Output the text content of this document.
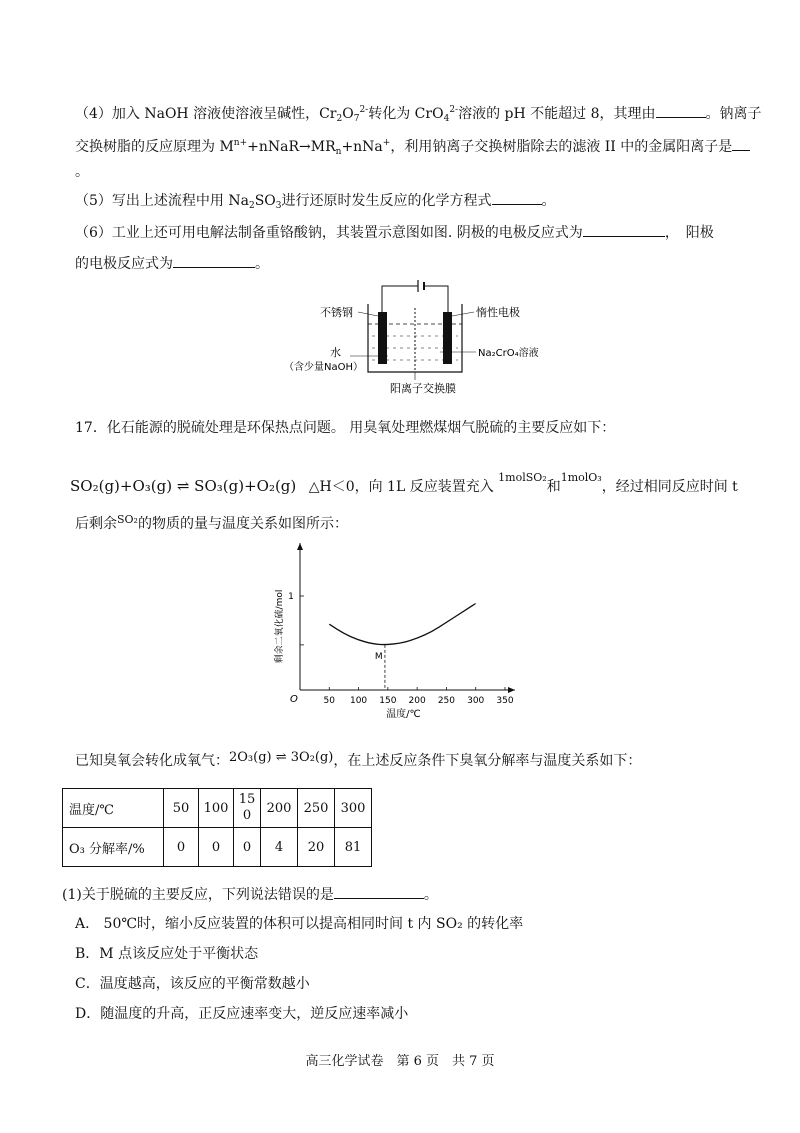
（4）加入 NaOH 溶液使溶液呈碱性，$Cr_2O_7^{2-}$转化为 CrO$_4^{2-}$溶液的 pH 不能超过 8，其理由	。钠离子
交换树脂的反应原理为 $M^{n+}+nNaR\to MR_n+nNa^+$，利用钠离子交换树脂除去的滤液 II 中的金属阳离子是
。
（5）写出上述流程中用 $Na_2SO_3$进行还原时发生反应的化学方程式	。
（6）工业上还可用电解法制备重铬酸钠，其装置示意图如图. 阴极的电极反应式为	，　阳极
的电极反应式为	。
不锈钢	惰性电极
水
（含少量NaOH）
Na₂CrO₄溶液
阳离子交换膜
17．化石能源的脱硫处理是环保热点问题。 用臭氧处理燃煤烟气脱硫的主要反应如下：
SO₂(g)+O₃(g) ⇌ SO₃(g)+O₂(g) △H＜0，向 1L 反应装置充入 $^{1molSO_2}$和$^{1molO_3}$，经过相同反应时间 t
后剩余$^{SO_2}$的物质的量与温度关系如图所示：
O	50 100 150 200 250 300 350
1
温度/℃
剩余二氧化硫/mol	M
已知臭氧会转化成氧气：2O₃(g) ⇌ 3O₂(g)，在上述反应条件下臭氧分解率与温度关系如下：
温度/℃	50	100	150	200	250	300
O₃ 分解率/%	0	0	0	4	20	81
(1)关于脱硫的主要反应，下列说法错误的是	。
A.　50℃时，缩小反应装置的体积可以提高相同时间 t 内 SO₂ 的转化率
B．M 点该反应处于平衡状态
C．温度越高，该反应的平衡常数越小
D．随温度的升高，正反应速率变大，逆反应速率减小
高三化学试卷　第 6 页　共 7 页
